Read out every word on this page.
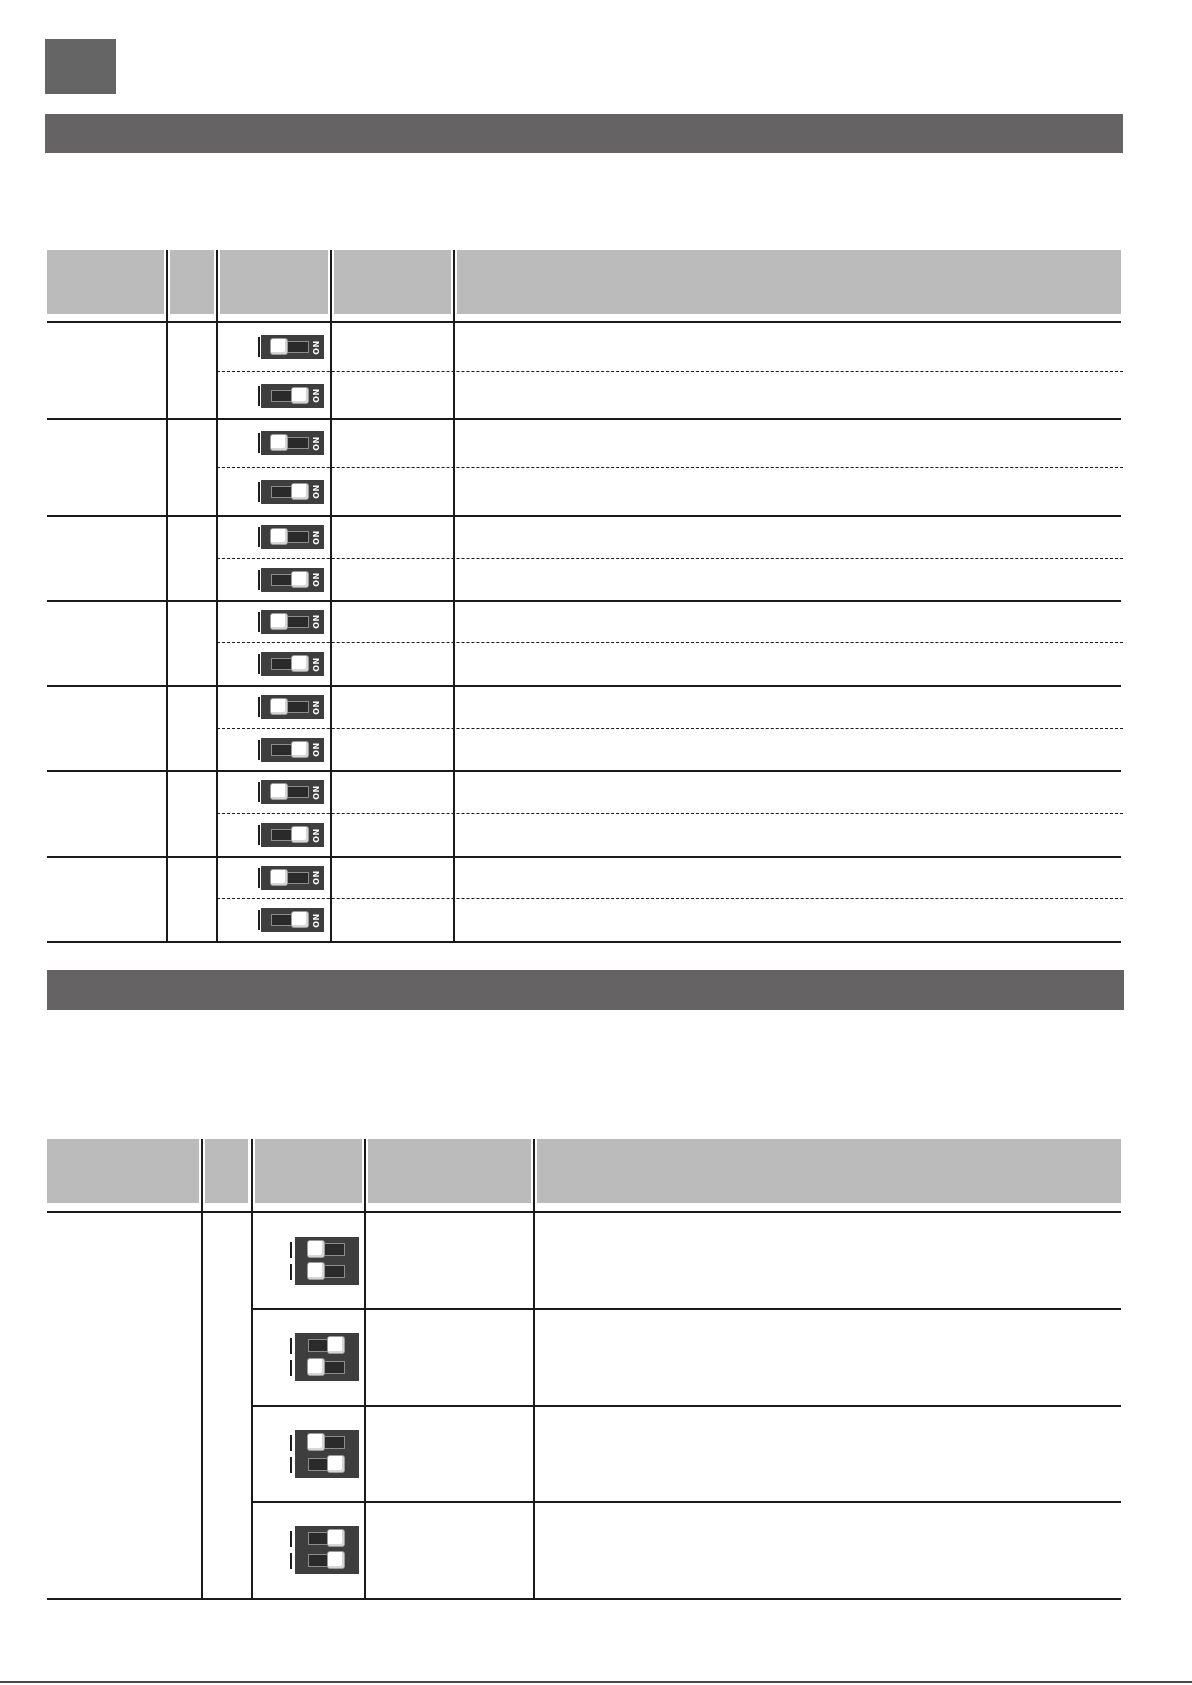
ON
ON
ON
ON
ON
ON
ON
ON
ON
ON
ON
ON
ON
ON
